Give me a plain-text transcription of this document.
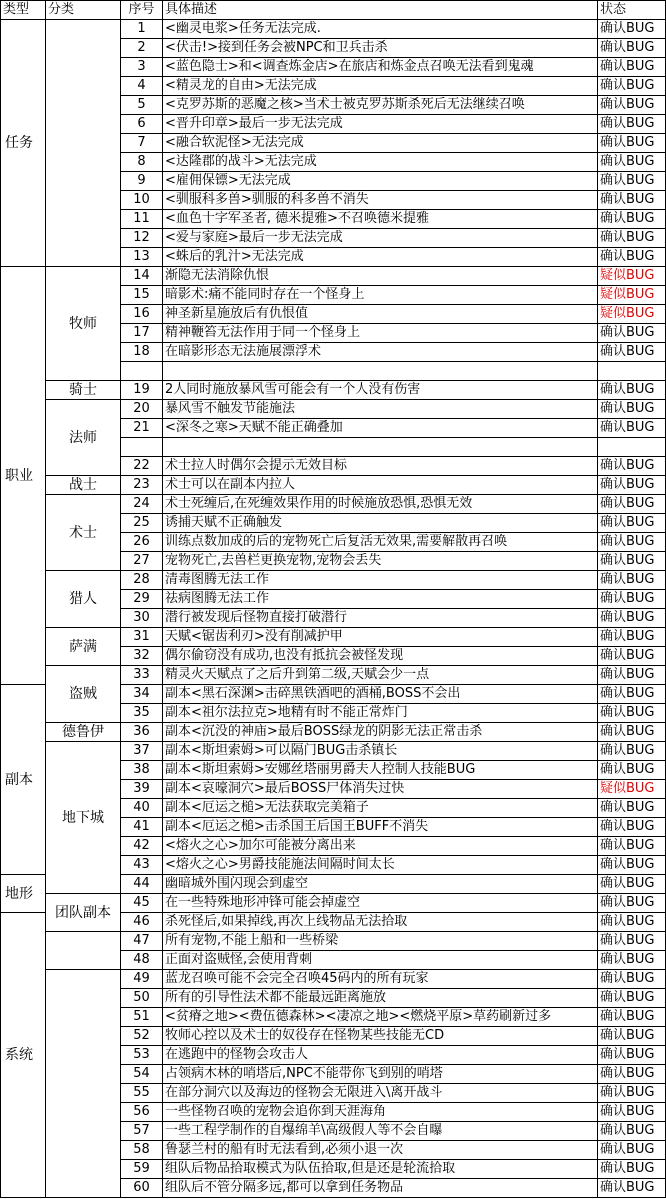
类型	分类	序号	具体描述	状态
任务		1	<幽灵电浆>任务无法完成.	确认BUG
		2	<伏击!>接到任务会被NPC和卫兵击杀	确认BUG
		3	<蓝色隐士>和<调查炼金店>在旅店和炼金点召唤无法看到鬼魂	确认BUG
		4	<精灵龙的自由>无法完成	确认BUG
		5	<克罗苏斯的恶魔之核>当术士被克罗苏斯杀死后无法继续召唤	确认BUG
		6	<晋升印章>最后一步无法完成	确认BUG
		7	<融合软泥怪>无法完成	确认BUG
		8	<达隆郡的战斗>无法完成	确认BUG
		9	<雇佣保镖>无法完成	确认BUG
		10	<驯服科多兽>驯服的科多兽不消失	确认BUG
		11	<血色十字军圣者, 德米提雅>不召唤德米提雅	确认BUG
		12	<爱与家庭>最后一步无法完成	确认BUG
		13	<蛛后的乳汁>无法完成	确认BUG
职业	牧师	14	渐隐无法消除仇恨	疑似BUG
		15	暗影术:痛不能同时存在一个怪身上	疑似BUG
		16	神圣新星施放后有仇恨值	疑似BUG
		17	精神鞭笞无法作用于同一个怪身上	确认BUG
		18	在暗影形态无法施展漂浮术	确认BUG

	骑士	19	2人同时施放暴风雪可能会有一个人没有伤害	确认BUG
	法师	20	暴风雪不触发节能施法	确认BUG
		21	<深冬之寒>天赋不能正确叠加	确认BUG

		22	术士拉人时偶尔会提示无效目标	确认BUG
	战士	23	术士可以在副本内拉人	确认BUG
	术士	24	术士死缠后,在死缠效果作用的时候施放恐惧,恐惧无效	确认BUG
		25	诱捕天赋不正确触发	确认BUG
		26	训练点数加成的后的宠物死亡后复活无效果,需要解散再召唤	确认BUG
		27	宠物死亡,去兽栏更换宠物,宠物会丢失	确认BUG
	猎人	28	清毒图腾无法工作	确认BUG
		29	祛病图腾无法工作	确认BUG
		30	潜行被发现后怪物直接打破潜行	确认BUG
	萨满	31	天赋<锯齿利刃>没有削减护甲	确认BUG
		32	偶尔偷窃没有成功,也没有抵抗会被怪发现	确认BUG
	盗贼	33	精灵火天赋点了之后升到第二级,天赋会少一点	确认BUG
副本		34	副本<黑石深渊>击碎黑铁酒吧的酒桶,BOSS不会出	确认BUG
		35	副本<祖尔法拉克>地精有时不能正常炸门	确认BUG
	德鲁伊	36	副本<沉没的神庙>最后BOSS绿龙的阴影无法正常击杀	确认BUG
	地下城	37	副本<斯坦索姆>可以隔门BUG击杀镇长	确认BUG
		38	副本<斯坦索姆>安娜丝塔丽男爵夫人控制人技能BUG	确认BUG
		39	副本<哀嚎洞穴>最后BOSS尸体消失过快	疑似BUG
		40	副本<厄运之槌>无法获取完美箱子	确认BUG
		41	副本<厄运之槌>击杀国王后国王BUFF不消失	确认BUG
		42	<熔火之心>加尔可能被分离出来	确认BUG
		43	<熔火之心>男爵技能施法间隔时间太长	确认BUG
地形		44	幽暗城外围闪现会到虚空	确认BUG
	团队副本	45	在一些特殊地形冲锋可能会掉虚空	确认BUG
系统		46	杀死怪后,如果掉线,再次上线物品无法拾取	确认BUG
		47	所有宠物,不能上船和一些桥梁	确认BUG
		48	正面对盗贼怪,会使用背刺	确认BUG
		49	蓝龙召唤可能不会完全召唤45码内的所有玩家	确认BUG
		50	所有的引导性法术都不能最远距离施放	确认BUG
		51	<贫瘠之地><费伍德森林><凄凉之地><燃烧平原>草药刷新过多	确认BUG
		52	牧师心控以及术士的奴役存在怪物某些技能无CD	确认BUG
		53	在逃跑中的怪物会攻击人	确认BUG
		54	占领病木林的哨塔后,NPC不能带你飞到别的哨塔	确认BUG
		55	在部分洞穴以及海边的怪物会无限进入\离开战斗	确认BUG
		56	一些怪物召唤的宠物会追你到天涯海角	确认BUG
		57	一些工程学制作的自爆绵羊\高级假人等不会自曝	确认BUG
		58	鲁瑟兰村的船有时无法看到,必须小退一次	确认BUG
		59	组队后物品拾取模式为队伍拾取,但是还是轮流拾取	确认BUG
		60	组队后不管分隔多远,都可以拿到任务物品	确认BUG
